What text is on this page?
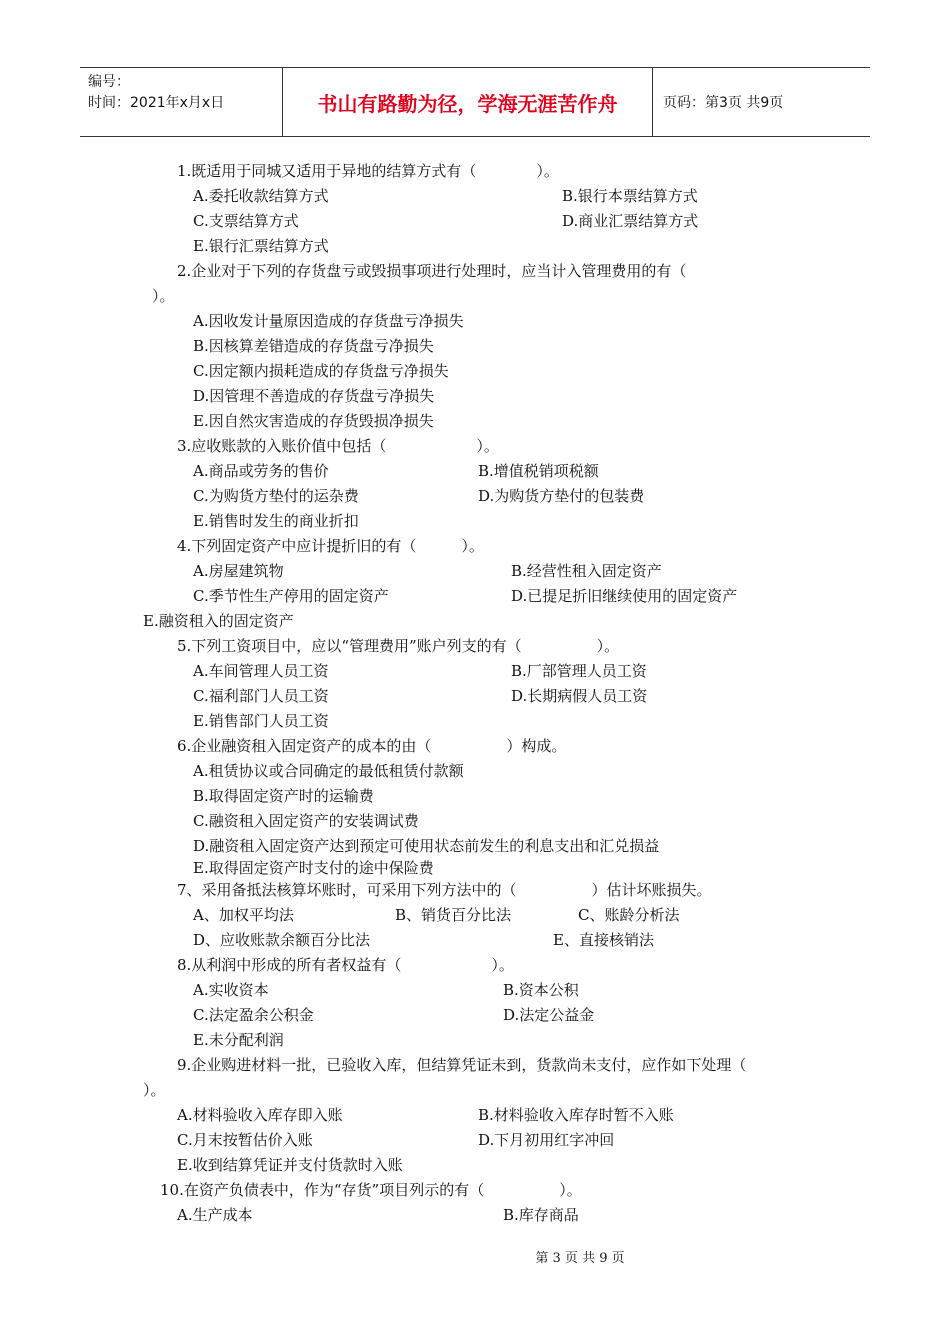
编号：
时间：2021年x月x日	书山有路勤为径，学海无涯苦作舟	页码：第3页 共9页
1.既适用于同城又适用于异地的结算方式有（　　　　）。
A.委托收款结算方式	B.银行本票结算方式
C.支票结算方式	D.商业汇票结算方式
E.银行汇票结算方式
2.企业对于下列的存货盘亏或毁损事项进行处理时，应当计入管理费用的有（
）。
A.因收发计量原因造成的存货盘亏净损失
B.因核算差错造成的存货盘亏净损失
C.因定额内损耗造成的存货盘亏净损失
D.因管理不善造成的存货盘亏净损失
E.因自然灾害造成的存货毁损净损失
3.应收账款的入账价值中包括（　　　　　　）。
A.商品或劳务的售价	B.增值税销项税额
C.为购货方垫付的运杂费	D.为购货方垫付的包装费
E.销售时发生的商业折扣
4.下列固定资产中应计提折旧的有（　　　）。
A.房屋建筑物	B.经营性租入固定资产
C.季节性生产停用的固定资产	D.已提足折旧继续使用的固定资产
E.融资租入的固定资产
5.下列工资项目中，应以“管理费用”账户列支的有（　　　　　）。
A.车间管理人员工资	B.厂部管理人员工资
C.福利部门人员工资	D.长期病假人员工资
E.销售部门人员工资
6.企业融资租入固定资产的成本的由（　　　　　）构成。
A.租赁协议或合同确定的最低租赁付款额
B.取得固定资产时的运输费
C.融资租入固定资产的安装调试费
D.融资租入固定资产达到预定可使用状态前发生的利息支出和汇兑损益
E.取得固定资产时支付的途中保险费
7、采用备抵法核算坏账时，可采用下列方法中的（　　　　　）估计坏账损失。
A、加权平均法	B、销货百分比法	C、账龄分析法
D、应收账款余额百分比法	E、直接核销法
8.从利润中形成的所有者权益有（　　　　　　）。
A.实收资本	B.资本公积
C.法定盈余公积金	D.法定公益金
E.未分配利润
9.企业购进材料一批，已验收入库，但结算凭证未到，货款尚未支付，应作如下处理（
）。
A.材料验收入库存即入账	B.材料验收入库存时暂不入账
C.月末按暂估价入账	D.下月初用红字冲回
E.收到结算凭证并支付货款时入账
10.在资产负债表中，作为“存货”项目列示的有（　　　　　）。
A.生产成本	B.库存商品
第 3 页 共 9 页
